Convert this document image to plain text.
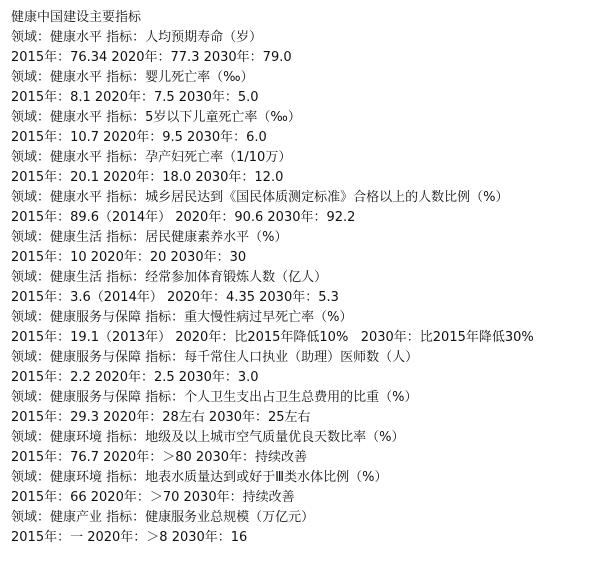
健康中国建设主要指标
领域：健康水平 指标：人均预期寿命（岁）
2015年：76.34 2020年：77.3 2030年：79.0
领域：健康水平 指标：婴儿死亡率（‰）
2015年：8.1 2020年：7.5 2030年：5.0
领域：健康水平 指标：5岁以下儿童死亡率（‰）
2015年：10.7 2020年：9.5 2030年：6.0
领域：健康水平 指标：孕产妇死亡率（1/10万）
2015年：20.1 2020年：18.0 2030年：12.0
领域：健康水平 指标：城乡居民达到《国民体质测定标准》合格以上的人数比例（%）
2015年：89.6（2014年） 2020年：90.6 2030年：92.2
领域：健康生活 指标：居民健康素养水平（%）
2015年：10 2020年：20 2030年：30
领域：健康生活 指标：经常参加体育锻炼人数（亿人）
2015年：3.6（2014年） 2020年：4.35 2030年：5.3
领域：健康服务与保障 指标：重大慢性病过早死亡率（%）
2015年：19.1（2013年） 2020年：比2015年降低10%   2030年：比2015年降低30%
领域：健康服务与保障 指标：每千常住人口执业（助理）医师数（人）
2015年：2.2 2020年：2.5 2030年：3.0
领域：健康服务与保障 指标：个人卫生支出占卫生总费用的比重（%）
2015年：29.3 2020年：28左右 2030年：25左右
领域：健康环境 指标：地级及以上城市空气质量优良天数比率（%）
2015年：76.7 2020年：＞80 2030年：持续改善
领域：健康环境 指标：地表水质量达到或好于Ⅲ类水体比例（%）
2015年：66 2020年：＞70 2030年：持续改善
领域：健康产业 指标：健康服务业总规模（万亿元）
2015年：一 2020年：＞8 2030年：16
